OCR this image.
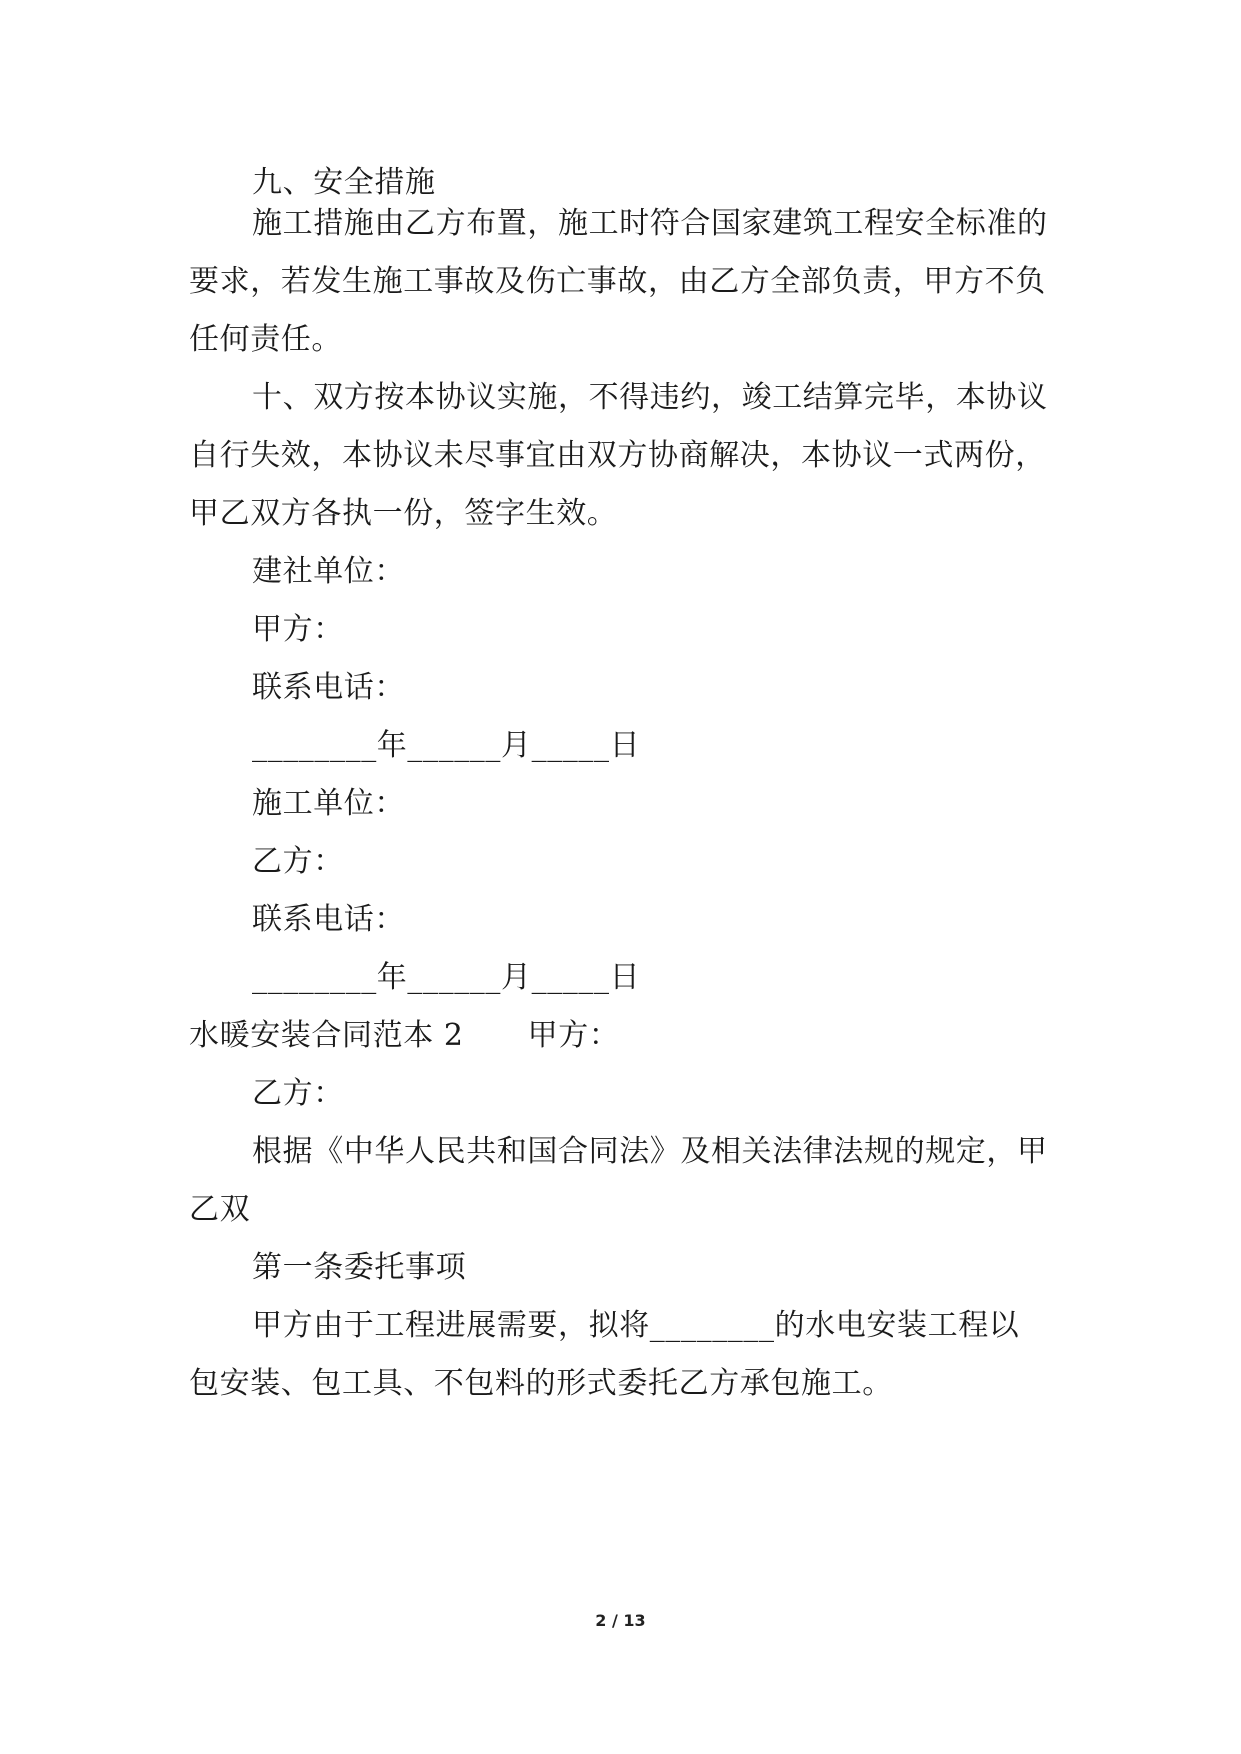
九、安全措施

施工措施由乙方布置，施工时符合国家建筑工程安全标准的

要求，若发生施工事故及伤亡事故，由乙方全部负责，甲方不负

任何责任。

十、双方按本协议实施，不得违约，竣工结算完毕，本协议

自行失效，本协议未尽事宜由双方协商解决，本协议一式两份，

甲乙双方各执一份，签字生效。

建社单位：

甲方：

联系电话：

________年______月_____日

施工单位：

乙方：

联系电话：

________年______月_____日

水暖安装合同范本 2 甲方：

乙方：

根据《中华人民共和国合同法》及相关法律法规的规定，甲

乙双

第一条委托事项

甲方由于工程进展需要，拟将________的水电安装工程以

包安装、包工具、不包料的形式委托乙方承包施工。

2 / 13
